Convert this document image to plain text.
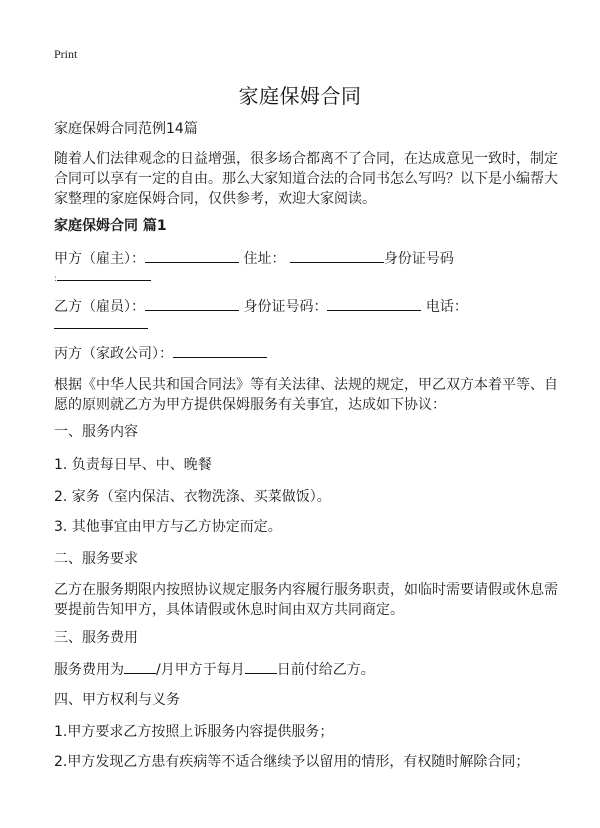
Print
家庭保姆合同
家庭保姆合同范例14篇
随着人们法律观念的日益增强，很多场合都离不了合同，在达成意见一致时，制定
合同可以享有一定的自由。那么大家知道合法的合同书怎么写吗？以下是小编帮大
家整理的家庭保姆合同，仅供参考，欢迎大家阅读。
家庭保姆合同 篇1
甲方（雇主）：	住址：	身份证号码
:
乙方（雇员）：	身份证号码：	电话：
丙方（家政公司）：
根据《中华人民共和国合同法》等有关法律、法规的规定，甲乙双方本着平等、自
愿的原则就乙方为甲方提供保姆服务有关事宜，达成如下协议：
一、服务内容
1. 负责每日早、中、晚餐
2. 家务（室内保洁、衣物洗涤、买菜做饭）。
3. 其他事宜由甲方与乙方协定而定。
二、服务要求
乙方在服务期限内按照协议规定服务内容履行服务职责，如临时需要请假或休息需
要提前告知甲方，具体请假或休息时间由双方共同商定。
三、服务费用
服务费用为 /月甲方于每月 日前付给乙方。
四、甲方权利与义务
1.甲方要求乙方按照上诉服务内容提供服务；
2.甲方发现乙方患有疾病等不适合继续予以留用的情形，有权随时解除合同；
